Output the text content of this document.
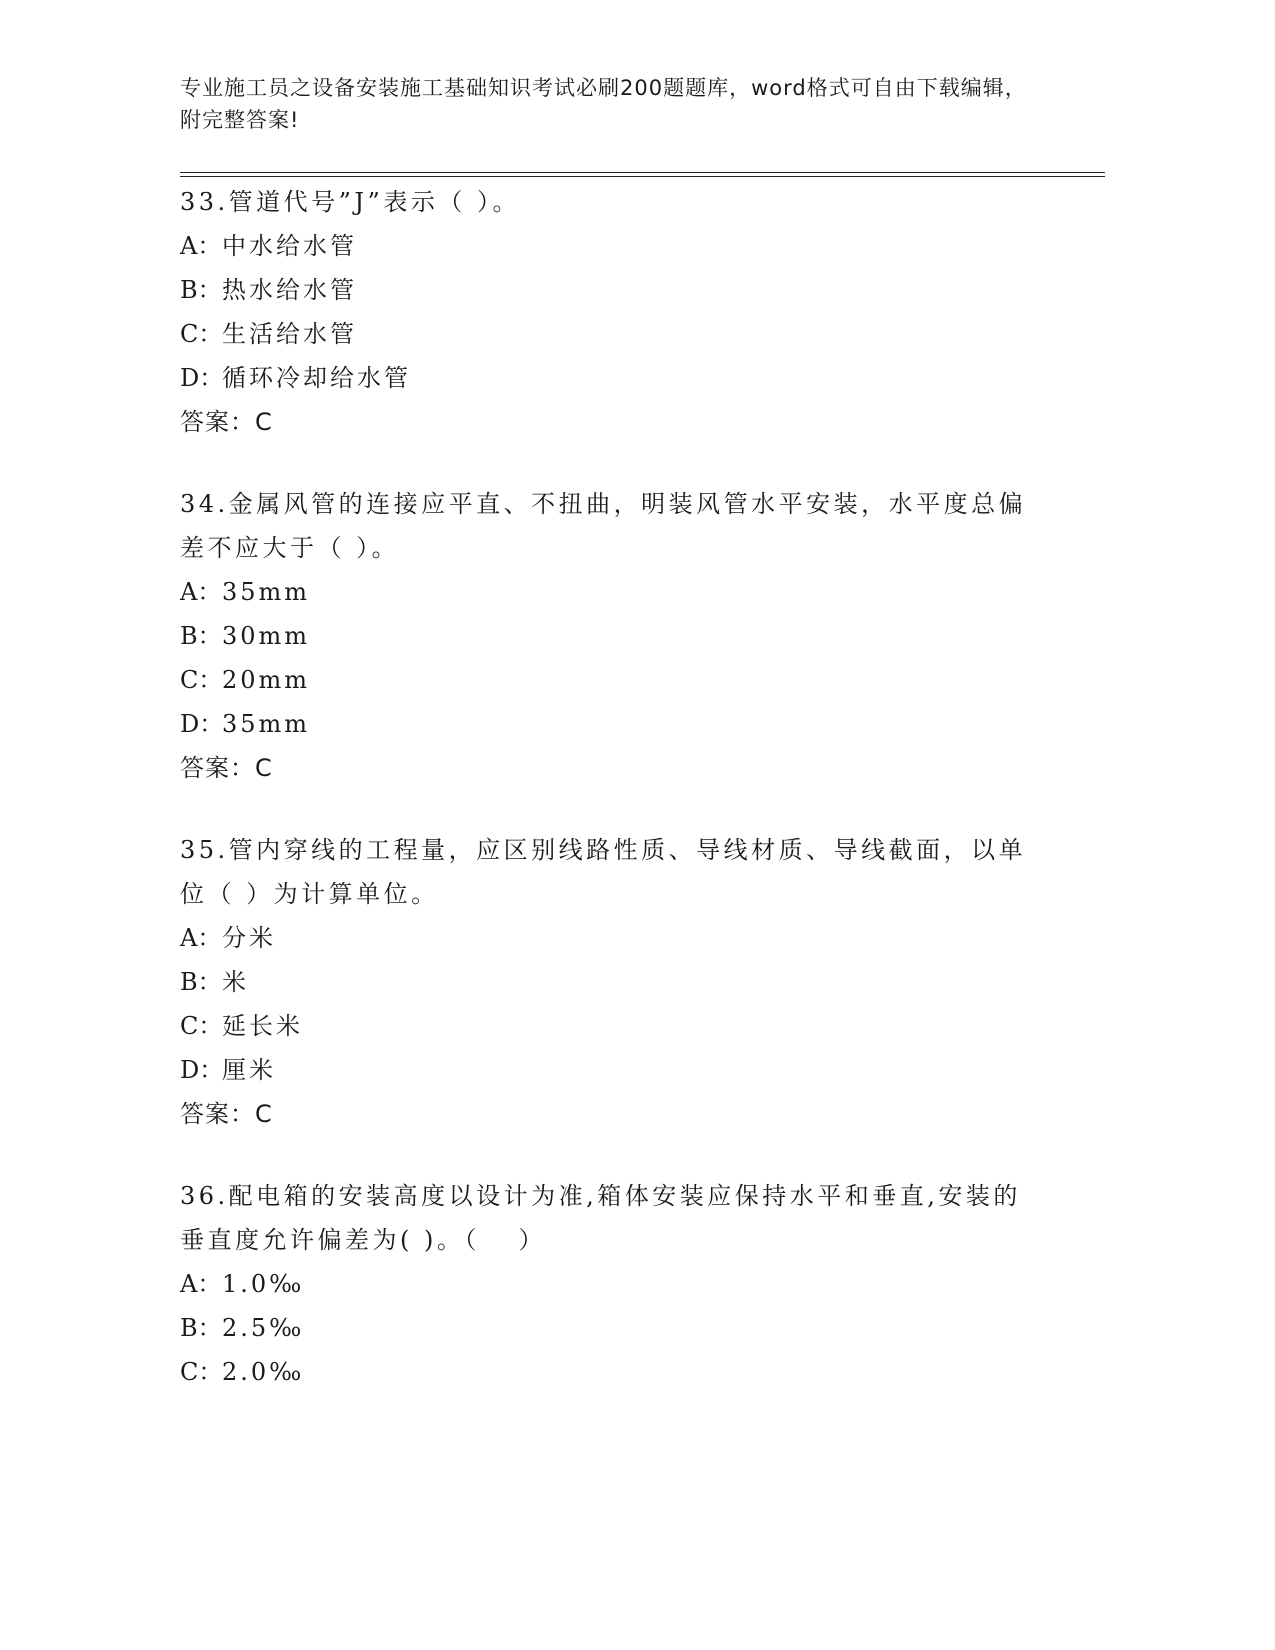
专业施工员之设备安装施工基础知识考试必刷200题题库，word格式可自由下载编辑，附完整答案!

33.管道代号”J”表示（ ）。

A：中水给水管

B：热水给水管

C：生活给水管

D：循环冷却给水管

答案：C

34.金属风管的连接应平直、不扭曲，明装风管水平安装，水平度总偏差不应大于（ ）。

A：35mm

B：30mm

C：20mm

D：35mm

答案：C

35.管内穿线的工程量，应区别线路性质、导线材质、导线截面，以单位（ ）为计算单位。

A：分米

B：米

C：延长米

D：厘米

答案：C

36.配电箱的安装高度以设计为准,箱体安装应保持水平和垂直,安装的垂直度允许偏差为( )。（　 ）

A：1.0‰

B：2.5‰

C：2.0‰
